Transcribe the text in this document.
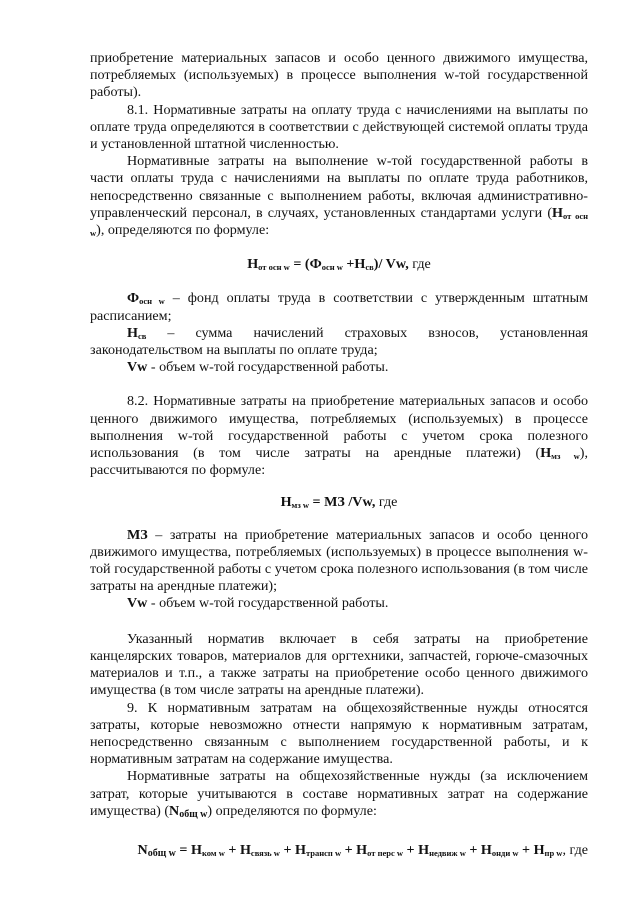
приобретение материальных запасов и особо ценного движимого имущества, потребляемых (используемых) в процессе выполнения w-той государственной работы).

8.1. Нормативные затраты на оплату труда с начислениями на выплаты по оплате труда определяются в соответствии с действующей системой оплаты труда и установленной штатной численностью.

Нормативные затраты на выполнение w-той государственной работы в части оплаты труда с начислениями на выплаты по оплате труда работников, непосредственно связанные с выполнением работы, включая административно-управленческий персонал, в случаях, установленных стандартами услуги (Нот осн w), определяются по формуле:

Нот осн w = (Фосн w +Нсв)/ Vw, где

Фосн w – фонд оплаты труда в соответствии с утвержденным штатным расписанием;

Нсв – сумма начислений страховых взносов, установленная

законодательством на выплаты по оплате труда;

Vw - объем w-той государственной работы.

8.2. Нормативные затраты на приобретение материальных запасов и особо ценного движимого имущества, потребляемых (используемых) в процессе выполнения w-той государственной работы с учетом срока полезного использования (в том числе затраты на арендные платежи) (Нмз w), рассчитываются по формуле:

Нмз w = МЗ /Vw, где

МЗ – затраты на приобретение материальных запасов и особо ценного движимого имущества, потребляемых (используемых) в процессе выполнения w-той государственной работы с учетом срока полезного использования (в том числе затраты на арендные платежи);

Vw - объем w-той государственной работы.

Указанный норматив включает в себя затраты на приобретение канцелярских товаров, материалов для оргтехники, запчастей, горюче-смазочных материалов и т.п., а также затраты на приобретение особо ценного движимого имущества (в том числе затраты на арендные платежи).

9. К нормативным затратам на общехозяйственные нужды относятся затраты, которые невозможно отнести напрямую к нормативным затратам, непосредственно связанным с выполнением государственной работы, и к нормативным затратам на содержание имущества.

Нормативные затраты на общехозяйственные нужды (за исключением затрат, которые учитываются в составе нормативных затрат на содержание имущества) (Nобщ w) определяются по формуле:

Nобщ w = Нком w + Нсвязь w + Нтрансп w + Нот перс w + Ннедвиж w + Нонди w + Нпр w, где
